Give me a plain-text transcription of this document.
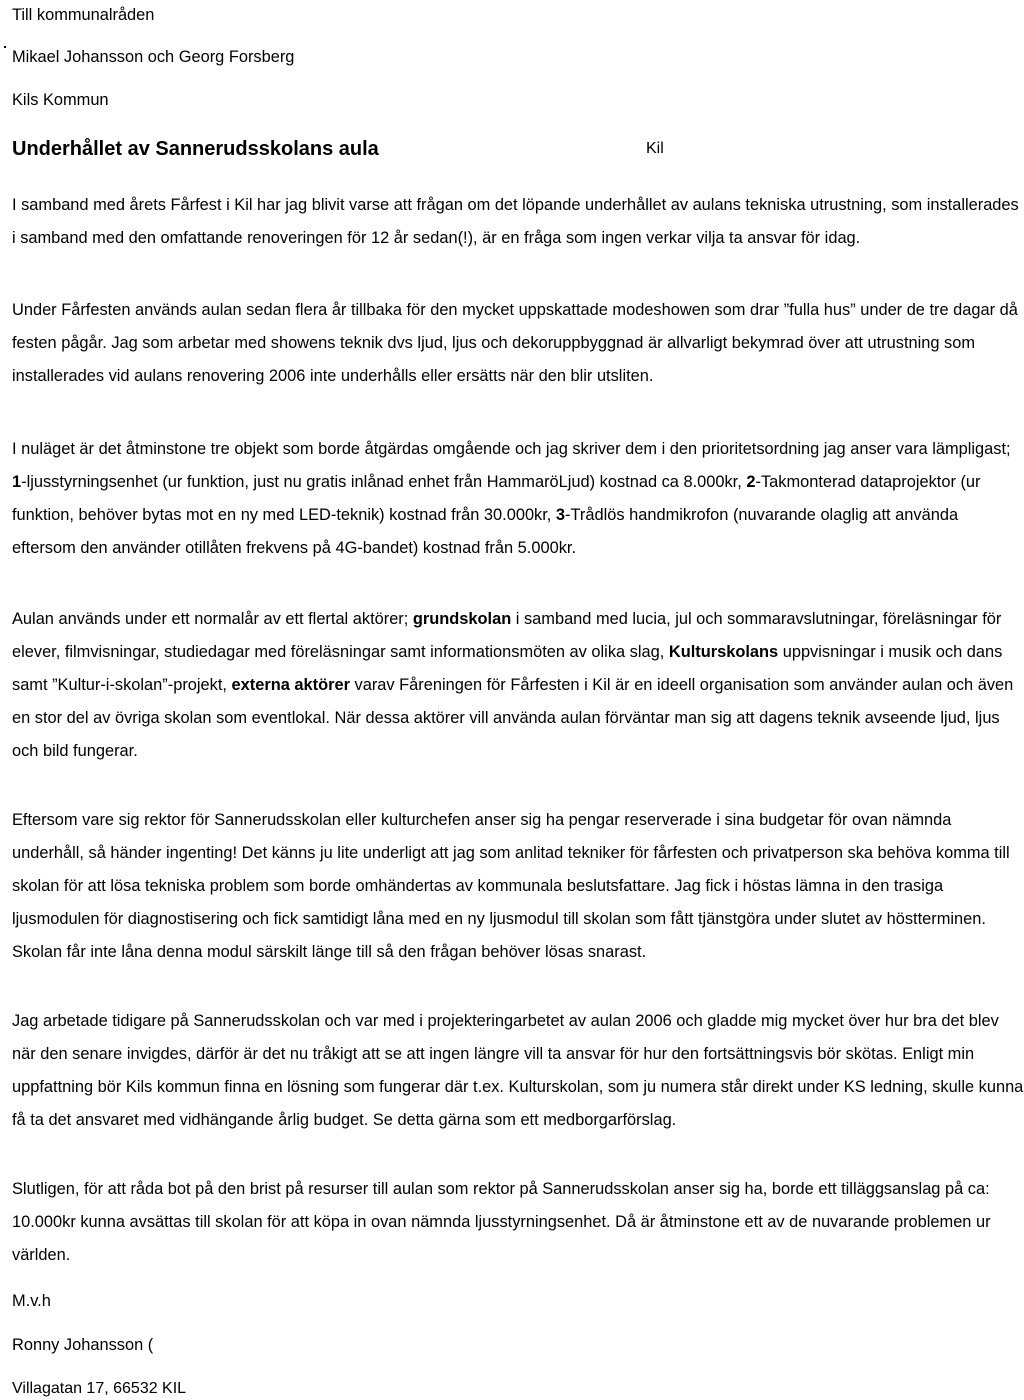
Till kommunalråden
Mikael Johansson och Georg Forsberg
Kils Kommun
Underhållet av Sannerudsskolans aula	Kil

I samband med årets Fårfest i Kil har jag blivit varse att frågan om det löpande underhållet av aulans tekniska utrustning, som installerades i samband med den omfattande renoveringen för 12 år sedan(!), är en fråga som ingen verkar vilja ta ansvar för idag.

Under Fårfesten används aulan sedan flera år tillbaka för den mycket uppskattade modeshowen som drar ”fulla hus” under de tre dagar då festen pågår. Jag som arbetar med showens teknik dvs ljud, ljus och dekoruppbyggnad är allvarligt bekymrad över att utrustning som installerades vid aulans renovering 2006 inte underhålls eller ersätts när den blir utsliten.

I nuläget är det åtminstone tre objekt som borde åtgärdas omgående och jag skriver dem i den prioritetsordning jag anser vara lämpligast; 1-ljusstyrningsenhet (ur funktion, just nu gratis inlånad enhet från HammaröLjud) kostnad ca 8.000kr, 2-Takmonterad dataprojektor (ur funktion, behöver bytas mot en ny med LED-teknik) kostnad från 30.000kr, 3-Trådlös handmikrofon (nuvarande olaglig att använda eftersom den använder otillåten frekvens på 4G-bandet) kostnad från 5.000kr.

Aulan används under ett normalår av ett flertal aktörer; grundskolan i samband med lucia, jul och sommaravslutningar, föreläsningar för elever, filmvisningar, studiedagar med föreläsningar samt informationsmöten av olika slag, Kulturskolans uppvisningar i musik och dans samt ”Kultur-i-skolan”-projekt, externa aktörer varav Fåreningen för Fårfesten i Kil är en ideell organisation som använder aulan och även en stor del av övriga skolan som eventlokal. När dessa aktörer vill använda aulan förväntar man sig att dagens teknik avseende ljud, ljus och bild fungerar.

Eftersom vare sig rektor för Sannerudsskolan eller kulturchefen anser sig ha pengar reserverade i sina budgetar för ovan nämnda underhåll, så händer ingenting! Det känns ju lite underligt att jag som anlitad tekniker för fårfesten och privatperson ska behöva komma till skolan för att lösa tekniska problem som borde omhändertas av kommunala beslutsfattare. Jag fick i höstas lämna in den trasiga ljusmodulen för diagnostisering och fick samtidigt låna med en ny ljusmodul till skolan som fått tjänstgöra under slutet av höstterminen. Skolan får inte låna denna modul särskilt länge till så den frågan behöver lösas snarast.

Jag arbetade tidigare på Sannerudsskolan och var med i projekteringarbetet av aulan 2006 och gladde mig mycket över hur bra det blev när den senare invigdes, därför är det nu tråkigt att se att ingen längre vill ta ansvar för hur den fortsättningsvis bör skötas. Enligt min uppfattning bör Kils kommun finna en lösning som fungerar där t.ex. Kulturskolan, som ju numera står direkt under KS ledning, skulle kunna få ta det ansvaret med vidhängande årlig budget. Se detta gärna som ett medborgarförslag.

Slutligen, för att råda bot på den brist på resurser till aulan som rektor på Sannerudsskolan anser sig ha, borde ett tilläggsanslag på ca: 10.000kr kunna avsättas till skolan för att köpa in ovan nämnda ljusstyrningsenhet. Då är åtminstone ett av de nuvarande problemen ur världen.

M.v.h
Ronny Johansson (
Villagatan 17, 66532 KIL
